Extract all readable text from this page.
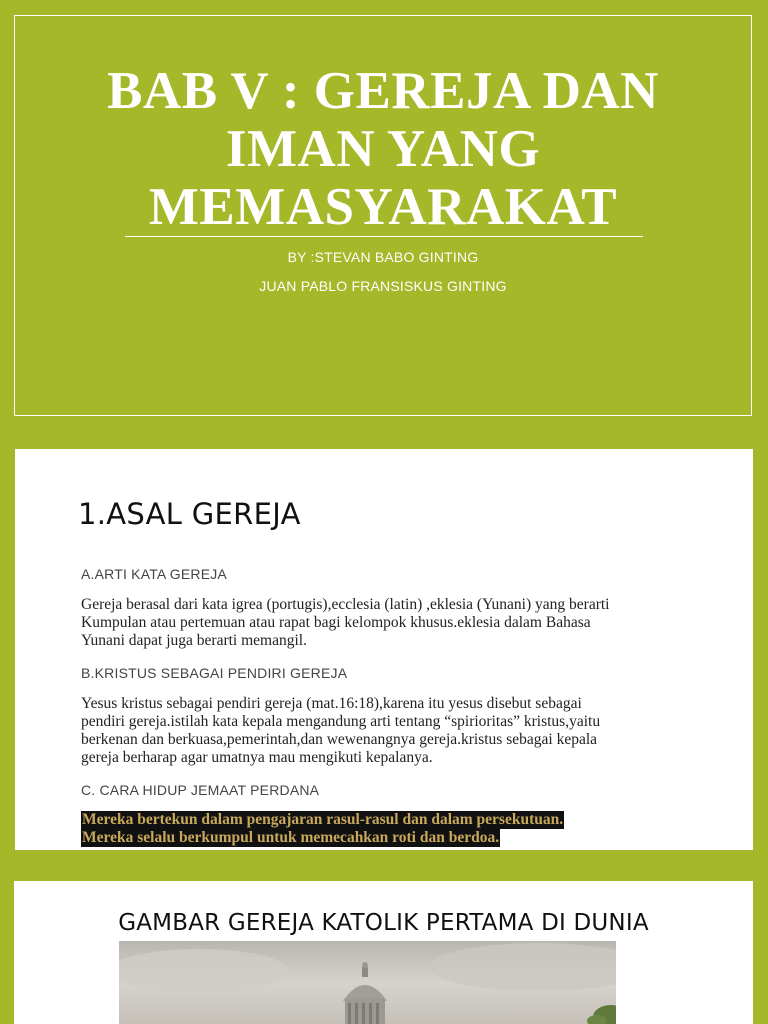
BAB V : GEREJA DAN
IMAN YANG
MEMASYARAKAT
BY :STEVAN BABO GINTING
JUAN PABLO FRANSISKUS GINTING
1.ASAL GEREJA
A.ARTI KATA GEREJA
Gereja berasal dari kata igrea (portugis),ecclesia (latin) ,eklesia (Yunani) yang berarti
Kumpulan atau pertemuan atau rapat bagi kelompok khusus.eklesia dalam Bahasa
Yunani dapat juga berarti memangil.
B.KRISTUS SEBAGAI PENDIRI GEREJA
Yesus kristus sebagai pendiri gereja (mat.16:18),karena itu yesus disebut sebagai
pendiri gereja.istilah kata kepala mengandung arti tentang “spirioritas” kristus,yaitu
berkenan dan berkuasa,pemerintah,dan wewenangnya gereja.kristus sebagai kepala
gereja berharap agar umatnya mau mengikuti kepalanya.
C. CARA HIDUP JEMAAT PERDANA
Mereka bertekun dalam pengajaran rasul-rasul dan dalam persekutuan.
Mereka selalu berkumpul untuk memecahkan roti dan berdoa.
GAMBAR GEREJA KATOLIK PERTAMA DI DUNIA
